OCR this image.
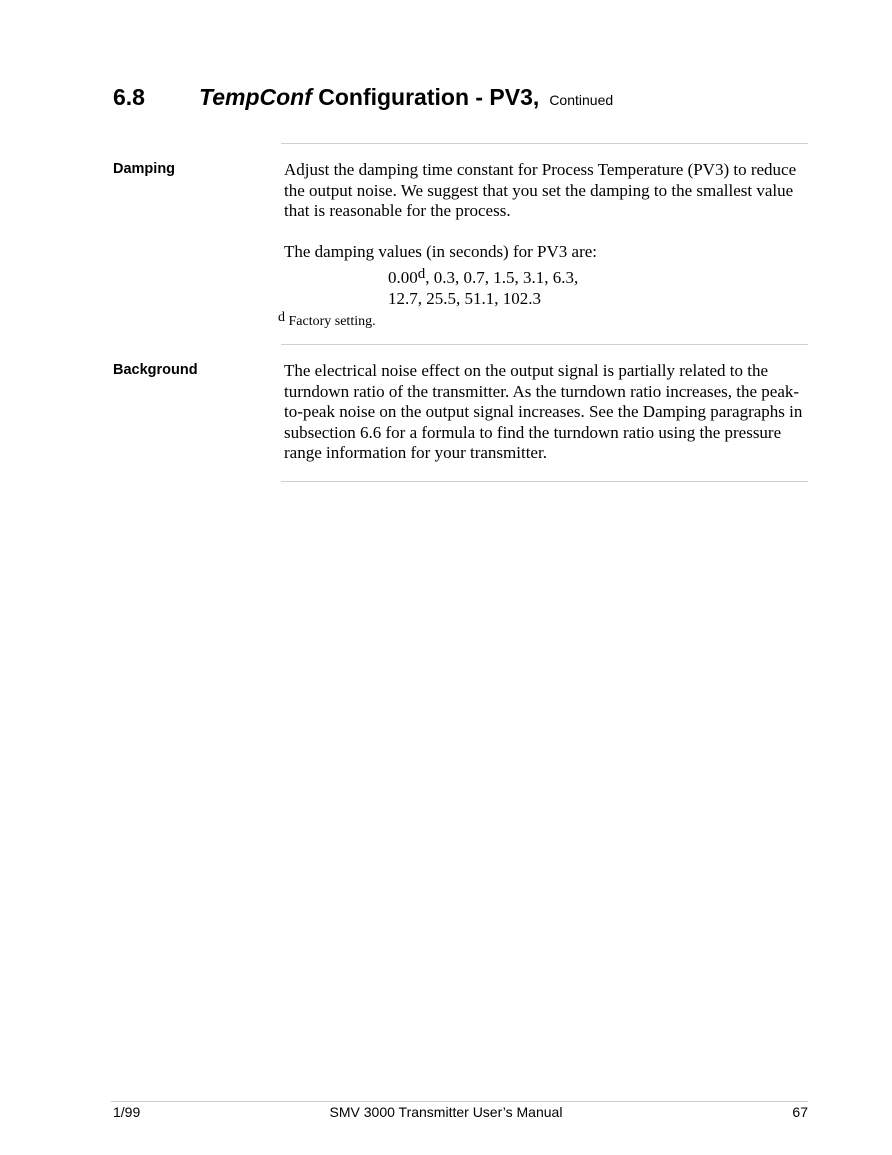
6.8 TempConf Configuration - PV3, Continued
Damping	Adjust the damping time constant for Process Temperature (PV3) to reduce the output noise. We suggest that you set the damping to the smallest value that is reasonable for the process.
The damping values (in seconds) for PV3 are:
0.00$^d$, 0.3, 0.7, 1.5, 3.1, 6.3,
12.7, 25.5, 51.1, 102.3
d Factory setting.
Background	The electrical noise effect on the output signal is partially related to the turndown ratio of the transmitter. As the turndown ratio increases, the peak-to-peak noise on the output signal increases. See the Damping paragraphs in subsection 6.6 for a formula to find the turndown ratio using the pressure range information for your transmitter.
1/99	SMV 3000 Transmitter User’s Manual	67
